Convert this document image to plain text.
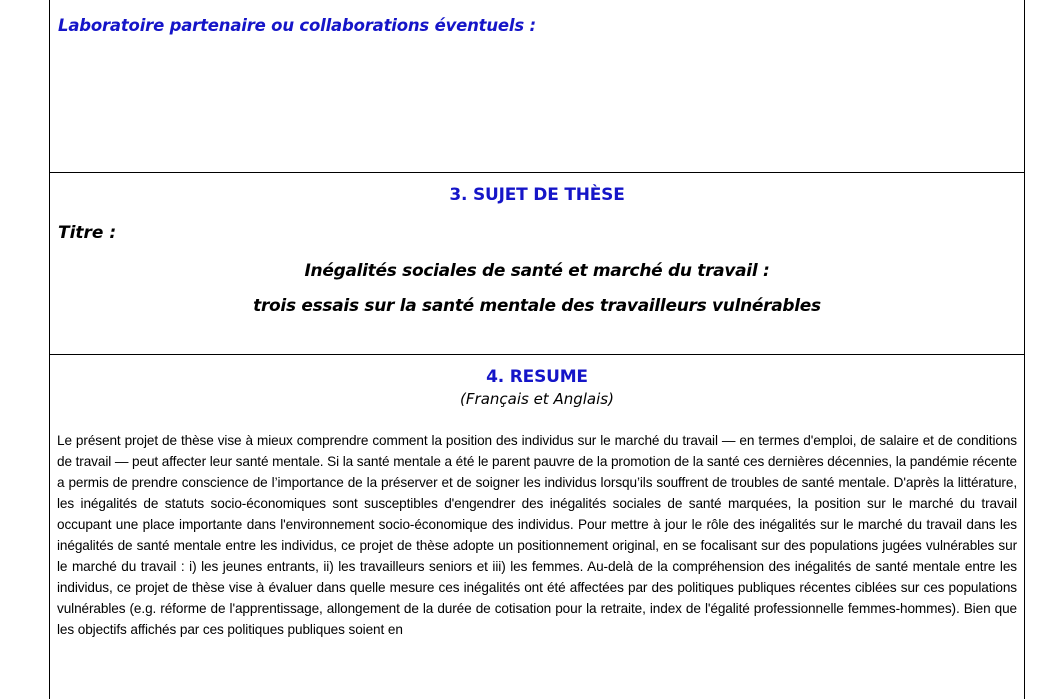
Laboratoire partenaire ou collaborations éventuels :
3. SUJET DE THÈSE
Titre :
Inégalités sociales de santé et marché du travail :
trois essais sur la santé mentale des travailleurs vulnérables
4. RESUME
(Français et Anglais)
Le présent projet de thèse vise à mieux comprendre comment la position des individus sur le marché du travail — en termes d'emploi, de salaire et de conditions de travail — peut affecter leur santé mentale. Si la santé mentale a été le parent pauvre de la promotion de la santé ces dernières décennies, la pandémie récente a permis de prendre conscience de l’importance de la préserver et de soigner les individus lorsqu’ils souffrent de troubles de santé mentale. D'après la littérature, les inégalités de statuts socio-économiques sont susceptibles d'engendrer des inégalités sociales de santé marquées, la position sur le marché du travail occupant une place importante dans l'environnement socio-économique des individus. Pour mettre à jour le rôle des inégalités sur le marché du travail dans les inégalités de santé mentale entre les individus, ce projet de thèse adopte un positionnement original, en se focalisant sur des populations jugées vulnérables sur le marché du travail : i) les jeunes entrants, ii) les travailleurs seniors et iii) les femmes. Au-delà de la compréhension des inégalités de santé mentale entre les individus, ce projet de thèse vise à évaluer dans quelle mesure ces inégalités ont été affectées par des politiques publiques récentes ciblées sur ces populations vulnérables (e.g. réforme de l'apprentissage, allongement de la durée de cotisation pour la retraite, index de l'égalité professionnelle femmes-hommes). Bien que les objectifs affichés par ces politiques publiques soient en
